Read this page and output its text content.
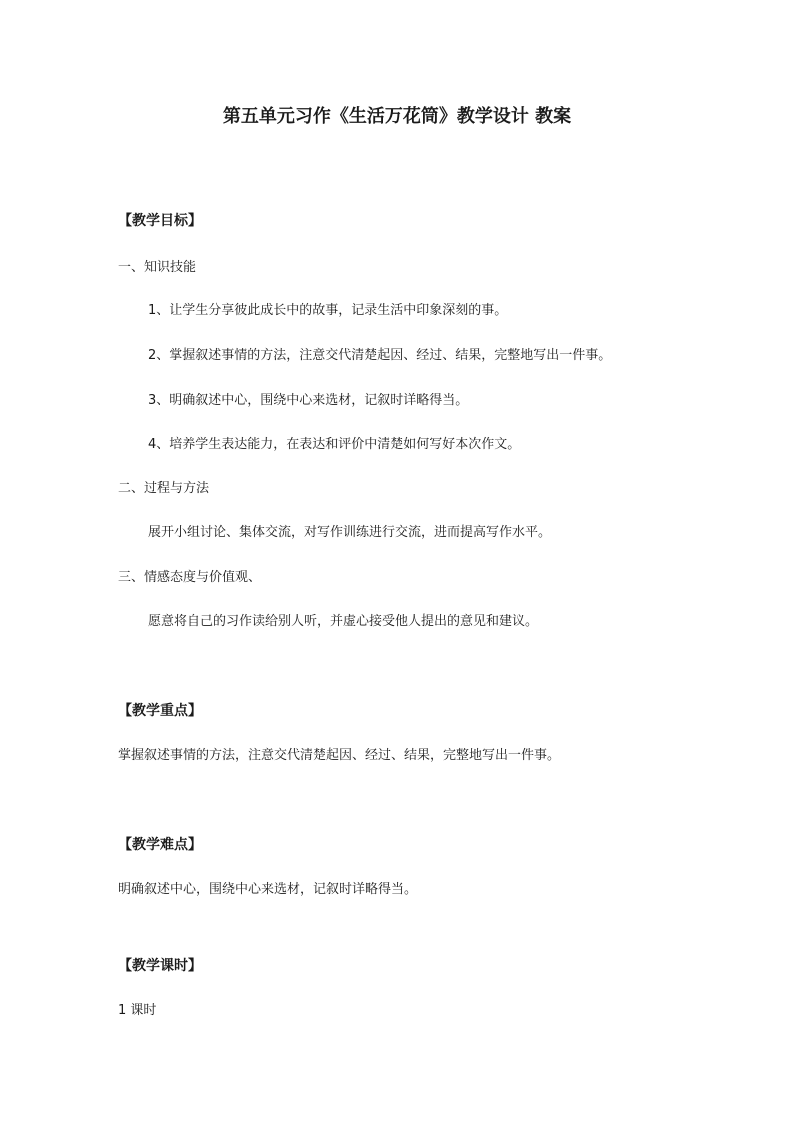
第五单元习作《生活万花筒》教学设计 教案
【教学目标】
一、知识技能
1、让学生分享彼此成长中的故事，记录生活中印象深刻的事。
2、掌握叙述事情的方法，注意交代清楚起因、经过、结果，完整地写出一件事。
3、明确叙述中心，围绕中心来选材，记叙时详略得当。
4、培养学生表达能力，在表达和评价中清楚如何写好本次作文。
二、过程与方法
展开小组讨论、集体交流，对写作训练进行交流，进而提高写作水平。
三、情感态度与价值观、
愿意将自己的习作读给别人听，并虚心接受他人提出的意见和建议。
【教学重点】
掌握叙述事情的方法，注意交代清楚起因、经过、结果，完整地写出一件事。
【教学难点】
明确叙述中心，围绕中心来选材，记叙时详略得当。
【教学课时】
1 课时
